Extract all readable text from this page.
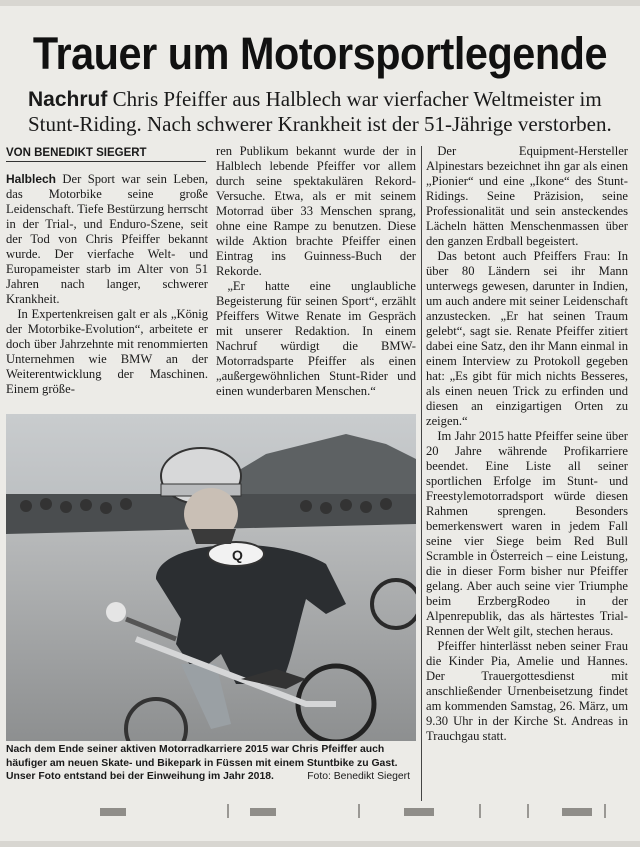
Trauer um Motorsportlegende
Nachruf Chris Pfeiffer aus Halblech war vierfacher Weltmeister im Stunt-Riding. Nach schwerer Krankheit ist der 51-Jährige verstorben.
VON BENEDIKT SIEGERT

Halblech Der Sport war sein Leben, das Motorbike seine große Leidenschaft. Tiefe Bestürzung herrscht in der Trial-, und Enduro-Szene, seit der Tod von Chris Pfeiffer bekannt wurde. Der vierfache Welt- und Europameister starb im Alter von 51 Jahren nach langer, schwerer Krankheit.

In Expertenkreisen galt er als „König der Motorbike-Evolution“, arbeitete er doch über Jahrzehnte mit renommierten Unternehmen wie BMW an der Weiterentwicklung der Maschinen. Einem größe-

ren Publikum bekannt wurde der in Halblech lebende Pfeiffer vor allem durch seine spektakulären Rekord-Versuche. Etwa, als er mit seinem Motorrad über 33 Menschen sprang, ohne eine Rampe zu benutzen. Diese wilde Aktion brachte Pfeiffer einen Eintrag ins Guinness-Buch der Rekorde.

„Er hatte eine unglaubliche Begeisterung für seinen Sport“, erzählt Pfeiffers Witwe Renate im Gespräch mit unserer Redaktion. In einem Nachruf würdigt die BMW-Motorradsparte Pfeiffer als einen „außergewöhnlichen Stunt-Rider und einen wunderbaren Menschen.“

Der Equipment-Hersteller Alpinestars bezeichnet ihn gar als einen „Pionier“ und eine „Ikone“ des Stunt-Ridings. Seine Präzision, seine Professionalität und sein ansteckendes Lächeln hätten Menschenmassen über den ganzen Erdball begeistert.

Das betont auch Pfeiffers Frau: In über 80 Ländern sei ihr Mann unterwegs gewesen, darunter in Indien, um auch andere mit seiner Leidenschaft anzustecken. „Er hat seinen Traum gelebt“, sagt sie. Renate Pfeiffer zitiert dabei eine Satz, den ihr Mann einmal in einem Interview zu Protokoll gegeben hat: „Es gibt für mich nichts Besseres, als einen neuen Trick zu erfinden und diesen an einzigartigen Orten zu zeigen.“

Im Jahr 2015 hatte Pfeiffer seine über 20 Jahre währende Profikarriere beendet. Eine Liste all seiner sportlichen Erfolge im Stunt- und Freestylemotorradsport würde diesen Rahmen sprengen. Besonders bemerkenswert waren in jedem Fall seine vier Siege beim Red Bull Scramble in Österreich – eine Leistung, die in dieser Form bisher nur Pfeiffer gelang. Aber auch seine vier Triumphe beim ErzbergRodeo in der Alpenrepublik, das als härtestes Trial-Rennen der Welt gilt, stechen heraus.

Pfeiffer hinterlässt neben seiner Frau die Kinder Pia, Amelie und Hannes. Der Trauergottesdienst mit anschließender Urnenbeisetzung findet am kommenden Samstag, 26. März, um 9.30 Uhr in der Kirche St. Andreas in Trauchgau statt.

Q
Nach dem Ende seiner aktiven Motorradkarriere 2015 war Chris Pfeiffer auch häufiger am neuen Skate- und Bikepark in Füssen mit einem Stuntbike zu Gast. Unser Foto entstand bei der Einweihung im Jahr 2018.	Foto: Benedikt Siegert
